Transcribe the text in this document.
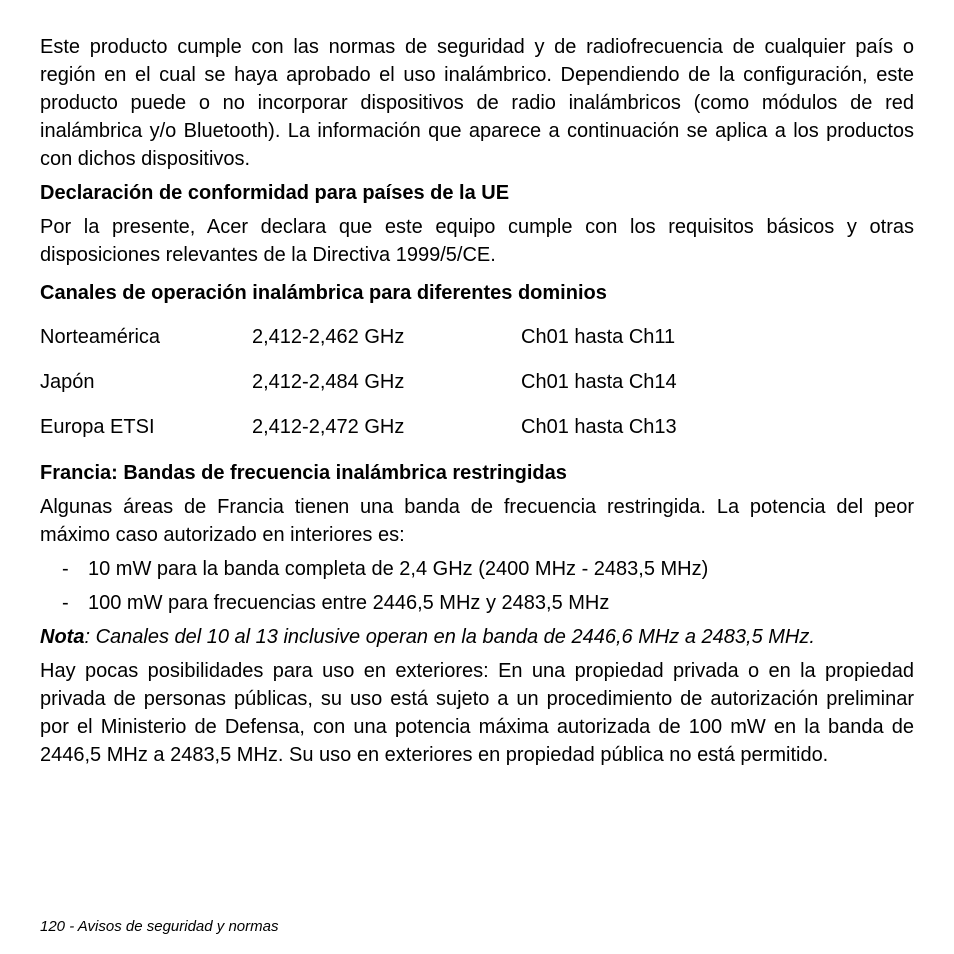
Este producto cumple con las normas de seguridad y de radiofrecuencia de cualquier país o región en el cual se haya aprobado el uso inalámbrico. Dependiendo de la configuración, este producto puede o no incorporar dispositivos de radio inalámbricos (como módulos de red inalámbrica y/o Bluetooth). La información que aparece a continuación se aplica a los productos con dichos dispositivos.

Declaración de conformidad para países de la UE

Por la presente, Acer declara que este equipo cumple con los requisitos básicos y otras disposiciones relevantes de la Directiva 1999/5/CE.

Canales de operación inalámbrica para diferentes dominios
Norteamérica	2,412-2,462 GHz	Ch01 hasta Ch11

Japón	2,412-2,484 GHz	Ch01 hasta Ch14

Europa ETSI	2,412-2,472 GHz	Ch01 hasta Ch13
Francia: Bandas de frecuencia inalámbrica restringidas

Algunas áreas de Francia tienen una banda de frecuencia restringida. La potencia del peor máximo caso autorizado en interiores es:

- 10 mW para la banda completa de 2,4 GHz (2400 MHz - 2483,5 MHz)
- 100 mW para frecuencias entre 2446,5 MHz y 2483,5 MHz

Nota: Canales del 10 al 13 inclusive operan en la banda de 2446,6 MHz a 2483,5 MHz.

Hay pocas posibilidades para uso en exteriores: En una propiedad privada o en la propiedad privada de personas públicas, su uso está sujeto a un procedimiento de autorización preliminar por el Ministerio de Defensa, con una potencia máxima autorizada de 100 mW en la banda de 2446,5 MHz a 2483,5 MHz. Su uso en exteriores en propiedad pública no está permitido.

120 - Avisos de seguridad y normas
